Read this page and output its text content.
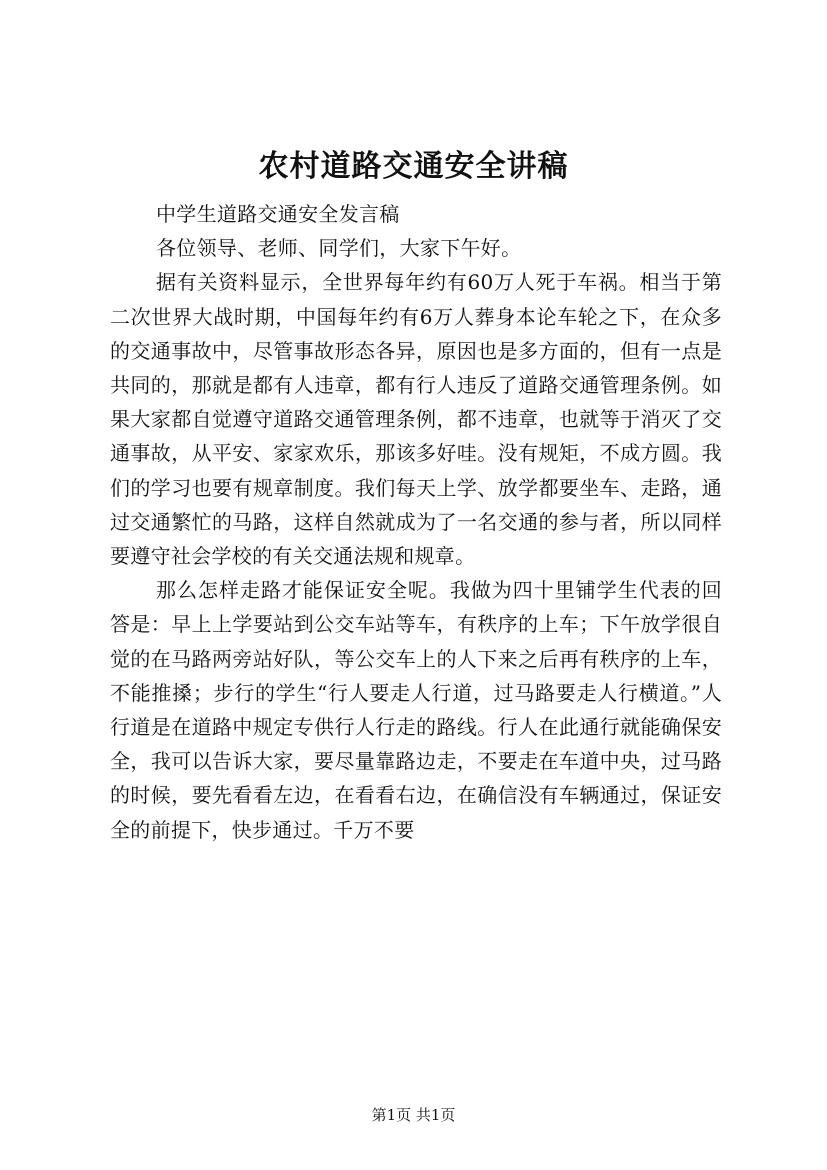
农村道路交通安全讲稿

中学生道路交通安全发言稿

各位领导、老师、同学们，大家下午好。

据有关资料显示，全世界每年约有60万人死于车祸。相当于第二次世界大战时期，中国每年约有6万人葬身本论车轮之下，在众多的交通事故中，尽管事故形态各异，原因也是多方面的，但有一点是共同的，那就是都有人违章，都有行人违反了道路交通管理条例。如果大家都自觉遵守道路交通管理条例，都不违章，也就等于消灭了交通事故，从平安、家家欢乐，那该多好哇。没有规矩，不成方圆。我们的学习也要有规章制度。我们每天上学、放学都要坐车、走路，通过交通繁忙的马路，这样自然就成为了一名交通的参与者，所以同样要遵守社会学校的有关交通法规和规章。

那么怎样走路才能保证安全呢。我做为四十里铺学生代表的回答是：早上上学要站到公交车站等车，有秩序的上车；下午放学很自觉的在马路两旁站好队，等公交车上的人下来之后再有秩序的上车，不能推搡；步行的学生“行人要走人行道，过马路要走人行横道。”人行道是在道路中规定专供行人行走的路线。行人在此通行就能确保安全，我可以告诉大家，要尽量靠路边走，不要走在车道中央，过马路的时候，要先看看左边，在看看右边，在确信没有车辆通过，保证安全的前提下，快步通过。千万不要

第1页 共1页
